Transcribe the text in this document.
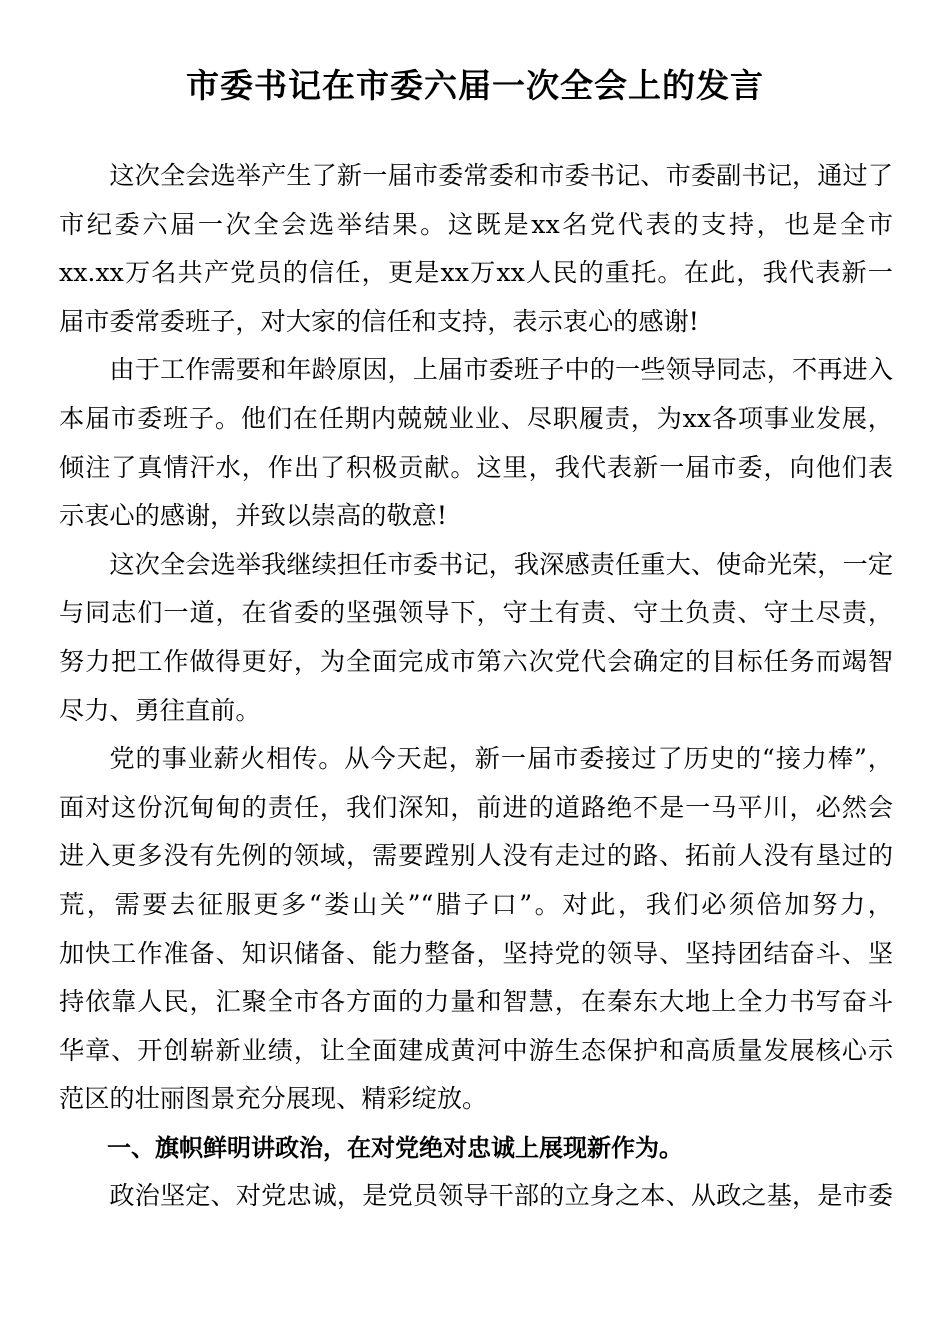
市委书记在市委六届一次全会上的发言

这次全会选举产生了新一届市委常委和市委书记、市委副书记，通过了
市纪委六届一次全会选举结果。这既是xx名党代表的支持，也是全市
xx.xx万名共产党员的信任，更是xx万xx人民的重托。在此，我代表新一
届市委常委班子，对大家的信任和支持，表示衷心的感谢!

由于工作需要和年龄原因，上届市委班子中的一些领导同志，不再进入
本届市委班子。他们在任期内兢兢业业、尽职履责，为xx各项事业发展，
倾注了真情汗水，作出了积极贡献。这里，我代表新一届市委，向他们表
示衷心的感谢，并致以崇高的敬意!

这次全会选举我继续担任市委书记，我深感责任重大、使命光荣，一定
与同志们一道，在省委的坚强领导下，守土有责、守土负责、守土尽责，
努力把工作做得更好，为全面完成市第六次党代会确定的目标任务而竭智
尽力、勇往直前。

党的事业薪火相传。从今天起，新一届市委接过了历史的“接力棒”，
面对这份沉甸甸的责任，我们深知，前进的道路绝不是一马平川，必然会
进入更多没有先例的领域，需要蹚别人没有走过的路、拓前人没有垦过的
荒，需要去征服更多“娄山关”“腊子口”。对此，我们必须倍加努力，
加快工作准备、知识储备、能力整备，坚持党的领导、坚持团结奋斗、坚
持依靠人民，汇聚全市各方面的力量和智慧，在秦东大地上全力书写奋斗
华章、开创崭新业绩，让全面建成黄河中游生态保护和高质量发展核心示
范区的壮丽图景充分展现、精彩绽放。

一、旗帜鲜明讲政治，在对党绝对忠诚上展现新作为。

政治坚定、对党忠诚，是党员领导干部的立身之本、从政之基，是市委
